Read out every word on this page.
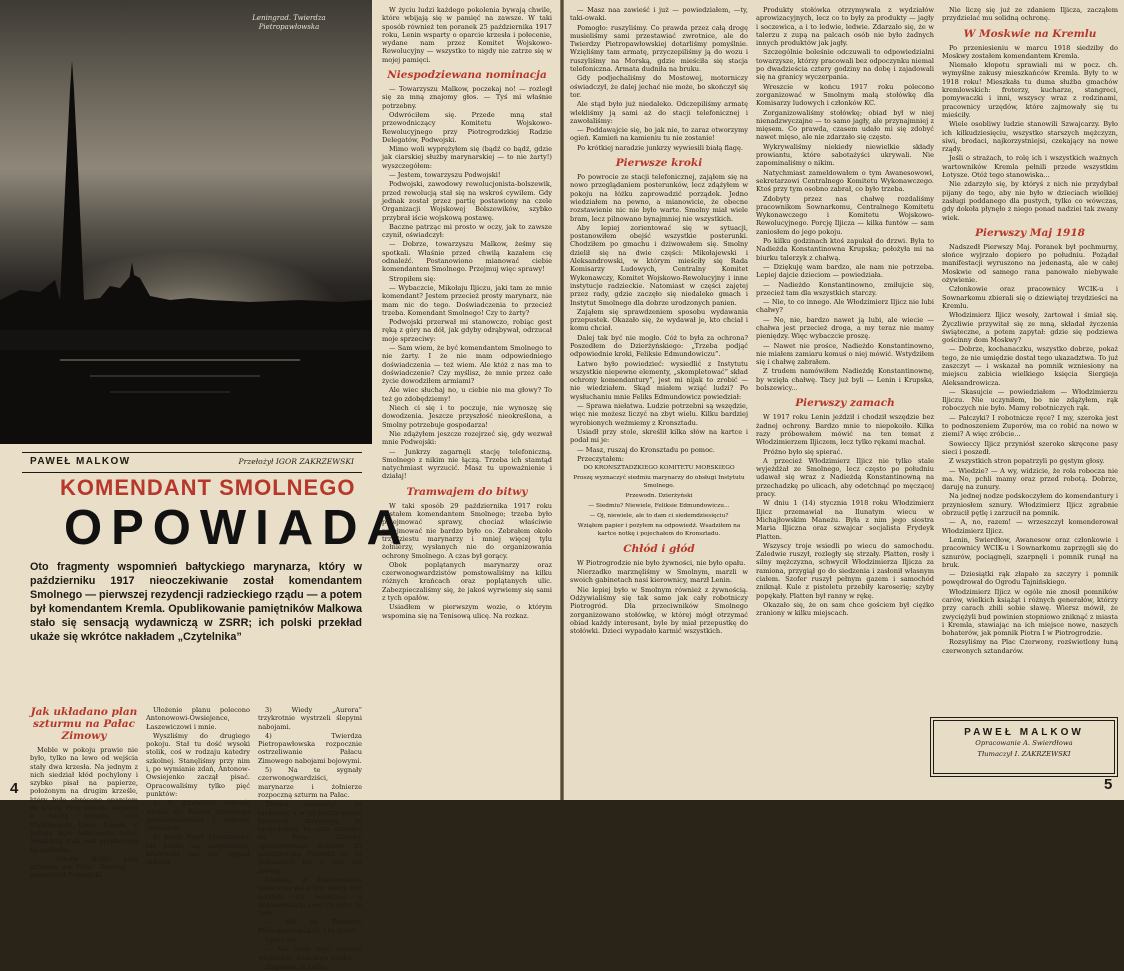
Leningrad. Twierdza Pietropawłowska

W życiu ludzi każdego pokolenia bywają chwile, które wbijają się w pamięć na zawsze. W taki sposób również ten poranek 25 października 1917 roku, Lenin wsparty o oparcie krzesła i połecenie, wydane nam przez Komitet Wojskowo-Rewolucyjny — wszystko to nigdy nie zatrze się w mojej pamięci.

Niespodziewana nominacja

— Towarzyszu Malkow, poczekaj no! — rozległ się za mną znajomy głos. — Tyś mi właśnie potrzebny.

Odwróciłem się. Przede mną stał przewodniczący Komitetu Wojskowo-Rewolucyjnego przy Piotrogrodzkiej Radzie Delegatów, Podwojski.

Mimo woli wyprężyłem się (bądź co bądź, gdzie jak ciarskiej służby marynarskiej — to nie żarty!) wyszczegółem:

— Jestem, towarzyszu Podwojski!

Podwojski, zawodowy rewolucjonista-bolszewik, przed rewolucją stał się na wskroś cywilem. Gdy jednak został przez partię postawiony na czele Organizacji Wojskowej Bolszewików, szybko przybrał iście wojskową postawę.

Baczne patrząc mi prosto w oczy, jak to zawsze czynił, oświadczył:

— Dobrze, towarzyszu Malkow, żeśmy się spotkali. Właśnie przed chwilą kazałem cię odnaleźć. Postanowiono mianować ciebie komendantem Smolnego. Przejmuj więc sprawy!

Stropiłem się:

— Wybaczcie, Mikołaju Iljiczu, jaki tam ze mnie komendant? Jestem przecież prosty marynarz, nie mam nic do tego. Doświadczenia to przecież trzeba. Komendant Smolnego! Czy to żarty?

Podwojski przerwał mi stanowczo, robiąc gest ręką z góry na dół, jak gdyby odrąbywał, odrzucał moje sprzeciwy:

— Sam wiem, że być komendantem Smolnego to nie żarty. I że nie mam odpowiedniego doświadczenia — też wiem. Ale któż z nas ma to doświadczenie? Czy myślisz, że mnie przez całe życie dowodziłem armiami?

Ale wiec słuchaj no, u ciebie nie ma głowy? To też go zdobędziemy!

Niech ci się i to poczuje, nie wynoszę się dowodzenia. Jeszcze przyszłość nieokreślona, a Smolny potrzebuje gospodarza!

Nie zdążyłem jeszcze rozejrzeć się, gdy wezwał mnie Podwojski:

— Junkrzy zagarnęli stację telefoniczną. Smolnego z nikim nie łączą. Trzeba ich stamtąd natychmiast wyrzucić. Masz tu upoważnienie i działaj!

Tramwajem do bitwy

W taki sposób 29 października 1917 roku zostałem komendantem Smolnego; trzeba było przejmować sprawy, chociaż właściwie przejmować nie bardzo było co. Zebrałem około trzydziestu marynarzy i mniej więcej tylu żołnierzy, wysłanych nie do organizowania ochrony Smolnego. A czas był gorący.

Obok poplątanych marynarzy oraz czerwonogwardzistów pomstowaliśmy na kilku różnych krańcach oraz poplątanych ulic. Zabezpieczaliśmy się, że jakoś wyrwiemy się sami z tych opałów.

Usiadłem w pierwszym wozie, o którym wspomina się na Tenisową ulicę. Na rozkaz.

PAWEŁ MALKOW	Przełożył IGOR ZAKRZEWSKI
KOMENDANT SMOLNEGO
OPOWIADA
Oto fragmenty wspomnień bałtyckiego marynarza, który w październiku 1917 nieoczekiwanie został komendantem Smolnego — pierwszej rezydencji radzieckiego rządu — a potem był komendantem Kremla. Opublikowanie pamiętników Malkowa stało się sensacją wydawniczą w ZSRR; ich polski przekład ukaże się wkrótce nakładem „Czytelnika”
Jak układano plan szturmu na Pałac Zimowy

Meble w pokoju prawie nie było, tylko na lewo od wejścia stały dwa krzesła. Na jednym z nich siedział kłód pochylony i szybko pisał na papierze, położonym na drugim krześle, który było obrócone oparciem do ściany. Przy ścianie, wsparty o brzeg krzesła, stał Włodzimierz Iljicz. Rasem w pokoju było kilkunastu ludzi. Niektórzy stali, inni przykucnęli na podłodze.

— Trzeba ułożyć plan szturmu na Pałac Zimowy — powiedział Podwojski.

Ułożenie planu polecono Antonowowi-Owsiejence, Łaszewiczowi i mnie.

Wyszliśmy do drugiego pokoju. Stał tu dość wysoki stolik, coś w rodzaju katedry szkolnej. Stanęliśmy przy nim i, po wymianie zdań, Antonow-Owsiejenko zaczął pisać. Opracowaliśmy tylko pięć punktów:

1) O dziewiątej wieczór wysłać do Pałacu Zimowego parlamentariuszy i wręczyć ultimatum.

2) Jeżeli Rząd Tymczasowy nie podda się natychmiast, krążownik ma dać sygnał rakietą.

3) Wiedy „Aurora” trzykrotnie wystrzeli ślepymi nabojami.

4) Twierdza Pietropawłowska rozpocznie ostrzeliwanie Pałacu Zimowego nabojami bojowymi.

5) Na te sygnały czerwonogwardziści, marynarze i żołnierze rozpoczną szturm na Pałac.

Trzeba zaznaczyć, że niektórzy, a w tej liczbie pewni historycy, utrzymują, że niepodobna, by plan szturmu na Pałac Zimowy opracowywano dopiero 25 października. Twierdzi się, że dokumenty nic o tym nie mówią.

Istotnie, w dokumentach może i nie ma o tym mowy. Nie myślało się wówczas o dokumentach. Lecz co było, to było.

— Wal do Twierdzy Pietropawłowskiej, i to żywo!

Upart się;

— Nie mam tego numeru wieździcie, nam tego trzeba.

Złapałem za kolta:

4

— Masz naa zawieść i już — powiedziałem, —ty, taki-owaki.

Pomogło: ruszyliśmy. Co prawda przez całą drogę musieliśmy sami przestawiać zwrotnice, ale do Twierdzy Pietropawłowskiej dotarliśmy pomyślnie. Wzięliśmy tam armatę, przyczepiliśmy ją do wozu i ruszyliśmy na Morską, gdzie mieściła się stacja telefoniczna. Armata dudniła na bruku.

Gdy podjechaliśmy do Mostowej, motorniczy oświadczył, że dalej jechać nie może, bo skończył się tor.

Ale stąd było już niedaleko. Odczepiliśmy armatę wlekliśmy ją sami aż do stacji telefonicznej i zawołaliśmy:

— Poddawajcie się, bo jak nie, to zaraz otworzymy ogień. Kamień na kamieniu tu nie zostanie!

Po krótkiej naradzie junkrzy wywiesili białą flagę.

Pierwsze kroki

Po powrocie ze stacji telefonicznej, zająłem się na nowo przeglądaniem posterunków, lecz zdążyłem w pokoju na łóżku zaprowadzić porządek. Jedno wiedziałem na pewno, a mianowicie, że obecne rozstawienie nic nie było warte. Smolny miał wiele bram, lecz pilnowano bynajmniej nie wszystkich.

Aby lepiej zorientować się w sytuacji, postanowiłem obejść wszystkie posterunki. Chodziłem po gmachu i dziwowałem się. Smolny dzielił się na dwie części: Mikołajewski i Aleksandrowski, w którym mieściły się Rada Komisarzy Ludowych, Centralny Komitet Wykonawczy, Komitet Wojskowo-Rewolucyjny i inne instytucje radzieckie. Natomiast w części zajętej przez rady, gdzie zaczęło się niedaleko gmach i Instytut Smolnego dla dobrze urodzonych panien.

Zająłem się sprawdzeniem sposobu wydawania przepustek. Okazało się, że wydawał je, kto chciał i komu chciał.

Dalej tak być nie mogło. Cóż to była za ochrona? Poszedłem do Dzierżyńskiego: „Trzeba podjąć odpowiednie kroki, Feliksie Edmundowiczu”.

Łatwo było powiedzieć: wysiedlić z Instytutu wszystkie niepewne elementy, „skompletować” skład ochrony komendantury”, jest mi nijak to zrobić — nie wiedziałem. Skąd miałem wziąć ludzi? Po wysłuchaniu mnie Feliks Edmundowicz powiedział:

— Sprawa niełatwa. Ludzie potrzebni są wszędzie, więc nie możesz liczyć na zbyt wielu. Kilku bardziej wyrobionych weźmiemy z Kronsztadu.

Usiadł przy stole, skreślił kilka słów na kartce i podał mi je:

— Masz, ruszaj do Kronsztadu po pomoc.

Przeczytałem:

DO KRONSZTADZKIEGO KOMITETU MORSKIEGO
Proszę wyznaczyć siedmiu marynarzy do obsługi Instytutu Smolnego.
Przewodn. Dzierżyński
— Siedmiu? Niewiele, Feliksie Edmundowiczu...
— Oj, niewiele, ale to dam ci siedemdziesięciu?
Wziąłem papier i pożyłem na odpowiedź. Wsadziłem na kartce notkę i pojechałem do Kronsztadu.
Chłód i głód

W Piotrogrodzie nie było żywności, nie było opału.

Nierzadko marznęliśmy w Smolnym, marzli w swoich gabinetach nasi kierownicy, marzł Lenin.

Nie lepiej było w Smolnym również z żywnością. Odżywialiśmy się tak samo jak cały robotniczy Piotrogród. Dla przeciwników Smolnego zorganizowano stołówkę, w której mógł otrzymać obiad każdy interesant, byle by miał przepustkę do stołówki. Dzieci wypadało karmić wszystkich.

Produkty stołówka otrzymywała z wydziałów aprowizacyjnych, lecz co to były za produkty — jagły i soczewica, a i to ledwie, ledwie. Zdarzało się, że w talerzu z zupą na palcach osób nie było żadnych innych produktów jak jagły.

Szczególnie boleśnie odczuwali to odpowiedzialni towarzysze, którzy pracowali bez odpoczynku niemal po dwadzieścia cztery godziny na dobę i zajadowali się na granicy wyczerpania.

Wreszcie w końcu 1917 roku polecono zorganizować w Smolnym małą stołówkę dla Komisarzy ludowych i członków KC.

Zorganizowaliśmy stołówkę; obiad był w niej nienadzwyczajne — to samo jagły, ale przynajmniej z mięsem. Co prawda, czasem udało mi się zdobyć nawet mięso, ale nie zdarzało się często.

Wykrywaliśmy niekiedy niewielkie składy prowiantu, które sabotażyści ukrywali. Nie zapominaliśmy o nikim.

Natychmiast zameldowałem o tym Awanesowowi, sekretarzowi Centralnego Komitetu Wykonawczego. Ktoś przy tym osobno zabrał, co było trzeba.

Zdobyty przez nas chałwę rozdaliśmy pracownikom Sownarkomu, Centralnego Komitetu Wykonawczego i Komitetu Wojskowo-Rewolucyjnego. Porcję Iljicza — kilka funtów — sam zaniosłem do jego pokoju.

Po kilku godzinach ktoś zapukał do drzwi. Była to Nadieżda Konstantinowna Krupska; położyła mi na biurku talerzyk z chałwą.

— Dziękuję wam bardzo, ale nam nie potrzeba. Lepiej dajcie dzieciom — powiedziała.

— Nadieżdo Konstantinowno, zmiłujcie się, przecież tam dla wszystkich starczy.

— Nie, to co innego. Ale Włodzimierz Iljicz nie lubi chałwy?

— No, nie, bardzo nawet ją lubi, ale wiecie — chałwa jest przecież droga, a my teraz nie mamy pieniędzy. Więc wybaczcie proszę.

— Nawet nie prośce, Nadieżdo Konstantinowno, nie miałem zamiaru komuś o niej mówić. Wstydziłem się i chałwę zabrałem.

Z trudem namówiłem Nadieżdę Konstantinownę, by wzięła chałwę. Tacy już byli — Lenin i Krupska, bolszewicy...

Pierwszy zamach

W 1917 roku Lenin jeździł i chodził wszędzie bez żadnej ochrony. Bardzo mnie to niepokoiło. Kilka razy próbowałem mówić na ten temat z Włodzimierzem Iljiczem, lecz tylko rękami machał.

Próżno było się spierać.

A przecież Włodzimierz Iljicz nie tylko stale wyjeżdżał ze Smolnego, lecz często po południu udawał się wraz z Nadieżdą Konstantinowną na przechadzkę po ulicach, aby odetchnąć po męczącej pracy.

W dniu 1 (14) stycznia 1918 roku Włodzimierz Iljicz przemawiał na Ilunatym wiecu w Michajłowskim Maneżu. Była z nim jego siostra Maria Iljiczna oraz szwajcar socjalista Frydeyk Platten.

Wszyscy troje wsiedli po wiecu do samochodu. Zaledwie ruszył, rozległy się strzały. Platten, rosły i silny mężczyzna, schwycił Włodzimierza Iljicza za ramiona, przygiął go do siedzenia i zasłonił własnym ciałem. Szofer ruszył pełnym gazem i samochód zniknął. Kule z pistoletu przebiły karoserię; szyby popękały. Platten był ranny w rękę.

Okazało się, że on sam chce gościem był ciężko zraniony w kilku miejscach.

Nie liczę się już ze zdaniem Iljicza, zacząłem przydzielać mu solidną ochronę.

W Moskwie na Kremlu

Po przeniesieniu w marcu 1918 siedziby do Moskwy zostałem komendantem Kremla.

Niemało kłopotu sprawiali mi w pocz. ch. wymyślne zakusy mieszkańców Kremla. Były to w 1918 roku! Mieszkała tu duma służba gmachów kremlowskich: froterzy, kucharze, stangreci, pomywaczki i inni, wszyscy wraz z rodzinami, pracownicy urzędów, które zajmowały się tu mieściły.

Wiele osobliwy ludzie stanowili Szwajcarzy. Było ich kilkudziesięciu, wszystko starszych mężczyzn, siwi, brodaci, najkorzystniejsi, czekający na nowe rządy.

Jeśli o strażach, to rolę ich i wszystkich ważnych wartowników Kremla pełnili przede wszystkim Łotysze. Otóż tego stanowiska...

Nie zdarzyło się, by któryś z nich nie przydybał pijany do tego, aby nie było w dzieciach wielkiej zasługi poddanego dla pustych, tylko co wówczas, gdy dokoła płynęło z niego ponad nadziei tak zwany wiek.

Pierwszy Maj 1918

Nadszedł Pierwszy Maj. Poranek był pochmurny, słońce wyjrzało dopiero po południu. Pożądał manifestacji wyruszono na jedenastą, ale w całej Moskwie od samego rana panowało niebywałe ożywienie.

Członkowie oraz pracownicy WCIK-u i Sownarkomu zbierali się o dziewiątej trzydzieści na Kremlu.

Włodzimierz Iljicz wesoły, żartował i śmiał się. Życzliwie przywitał się ze mną, składał życzenia świąteczne, a potem zapytał: gdzie się podziewa gościnny dom Moskwy?

— Dobrze, kochanaczku, wszystko dobrze, pokaż tego, że nie umiędzie dostał tego ukazadztwa. To już zaszczyt — i wskazał na pomnik wzniesiony na miejscu zabicia wielkiego księcia Siergieja Aleksandrowicza.

— Skasujcie — powiedziałem — Włodzimierzu Iljiczu. Nie uczyniłem, bo nie zdążyłem, rąk roboczych nie było. Mamy robotniczych rąk.

— Pałczyki? I robotnicze ręce? I my, szeroka jest to podnoszeniem Zuporów, ma co robić na nowo w ziemi? A więc zróbcie...

Sowieccy Iljicz przyniósł szeroko skręcone pasy sieci i poszedł.

Z wszystkich stron popatrzyli po gęstym głosy.

— Wiedzie? — A wy, widzicie, że rola robocza nie ma. No, pchli mamy oraz przed robotą. Dobrze, daruję na zunury.

Na jednej nodze podskoczyłem do komendantury i przyniosłem sznury. Włodzimierz Iljicz zgrabnie obrzucił pętlę i zarzucił na pomnik.

— A, no, razem! — wrzeszczył komenderował Włodzimierz Iljicz.

Lenin, Swierdłow, Awanesow oraz członkowie i pracownicy WCIK-u i Sownarkomu zaprzęgli się do sznurów, pociągnęli, szarpnęli i pomnik runął na bruk.

— Dziesiątki rąk złapało za szczyry i pomnik powędrował do Ogrodu Tajnińskiego.

Włodzimierz Iljicz w ogóle nie znosił pomników carów, wielkich książąt i różnych generałów, którzy przy carach zbili sobie sławę. Wiersz mówił, że zwyciężyli bud powinien stopniowo zniknąć z miasta i Kremla, stawiając na ich miejsce nowe, naszych bohaterów, jak pomnik Piotra I w Piotrogrodzie.

Rozsyliśmy na Plac Czerwony, rozświetlony łuną czerwonych sztandarów.

PAWEŁ MALKOW
Opracowanie A. Swierdłowa
Tłumaczył I. ZAKRZEWSKI
5
